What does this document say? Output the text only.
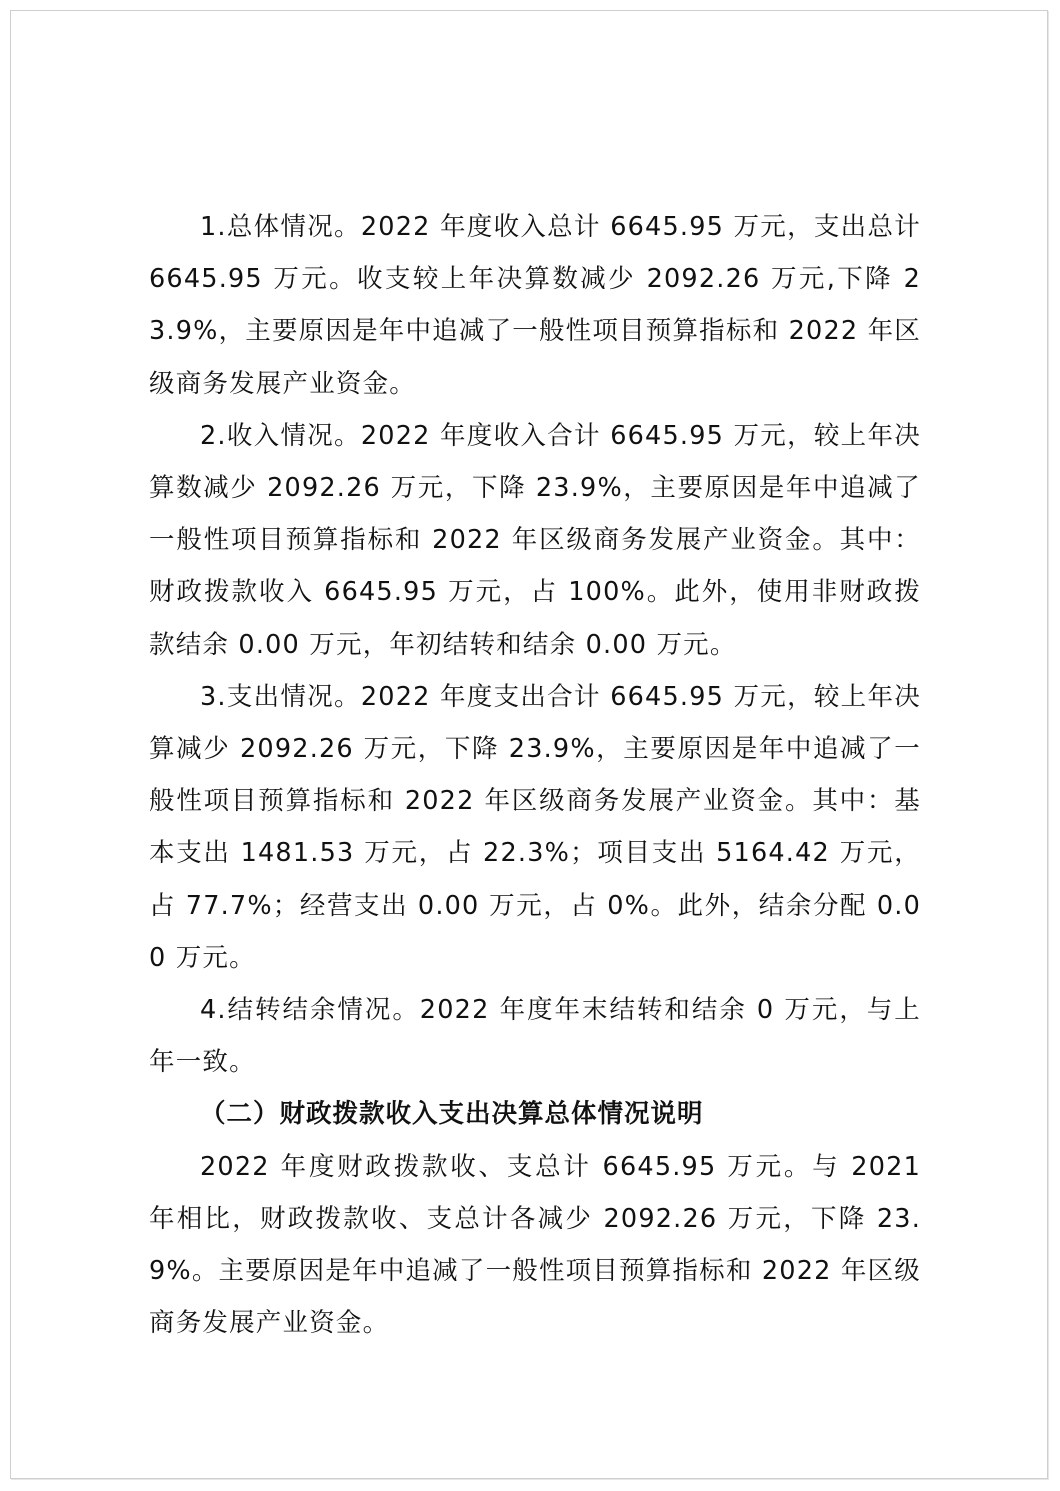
1.总体情况。2022 年度收入总计 6645.95 万元，支出总计 6645.95 万元。收支较上年决算数减少 2092.26 万元,下降 23.9%，主要原因是年中追减了一般性项目预算指标和 2022 年区级商务发展产业资金。

2.收入情况。2022 年度收入合计 6645.95 万元，较上年决算数减少 2092.26 万元，下降 23.9%，主要原因是年中追减了一般性项目预算指标和 2022 年区级商务发展产业资金。其中：财政拨款收入 6645.95 万元，占 100%。此外，使用非财政拨款结余 0.00 万元，年初结转和结余 0.00 万元。

3.支出情况。2022 年度支出合计 6645.95 万元，较上年决算减少 2092.26 万元，下降 23.9%，主要原因是年中追减了一般性项目预算指标和 2022 年区级商务发展产业资金。其中：基本支出 1481.53 万元，占 22.3%；项目支出 5164.42 万元，占 77.7%；经营支出 0.00 万元，占 0%。此外，结余分配 0.00 万元。

4.结转结余情况。2022 年度年末结转和结余 0 万元，与上年一致。

（二）财政拨款收入支出决算总体情况说明

2022 年度财政拨款收、支总计 6645.95 万元。与 2021 年相比，财政拨款收、支总计各减少 2092.26 万元，下降 23.9%。主要原因是年中追减了一般性项目预算指标和 2022 年区级商务发展产业资金。
